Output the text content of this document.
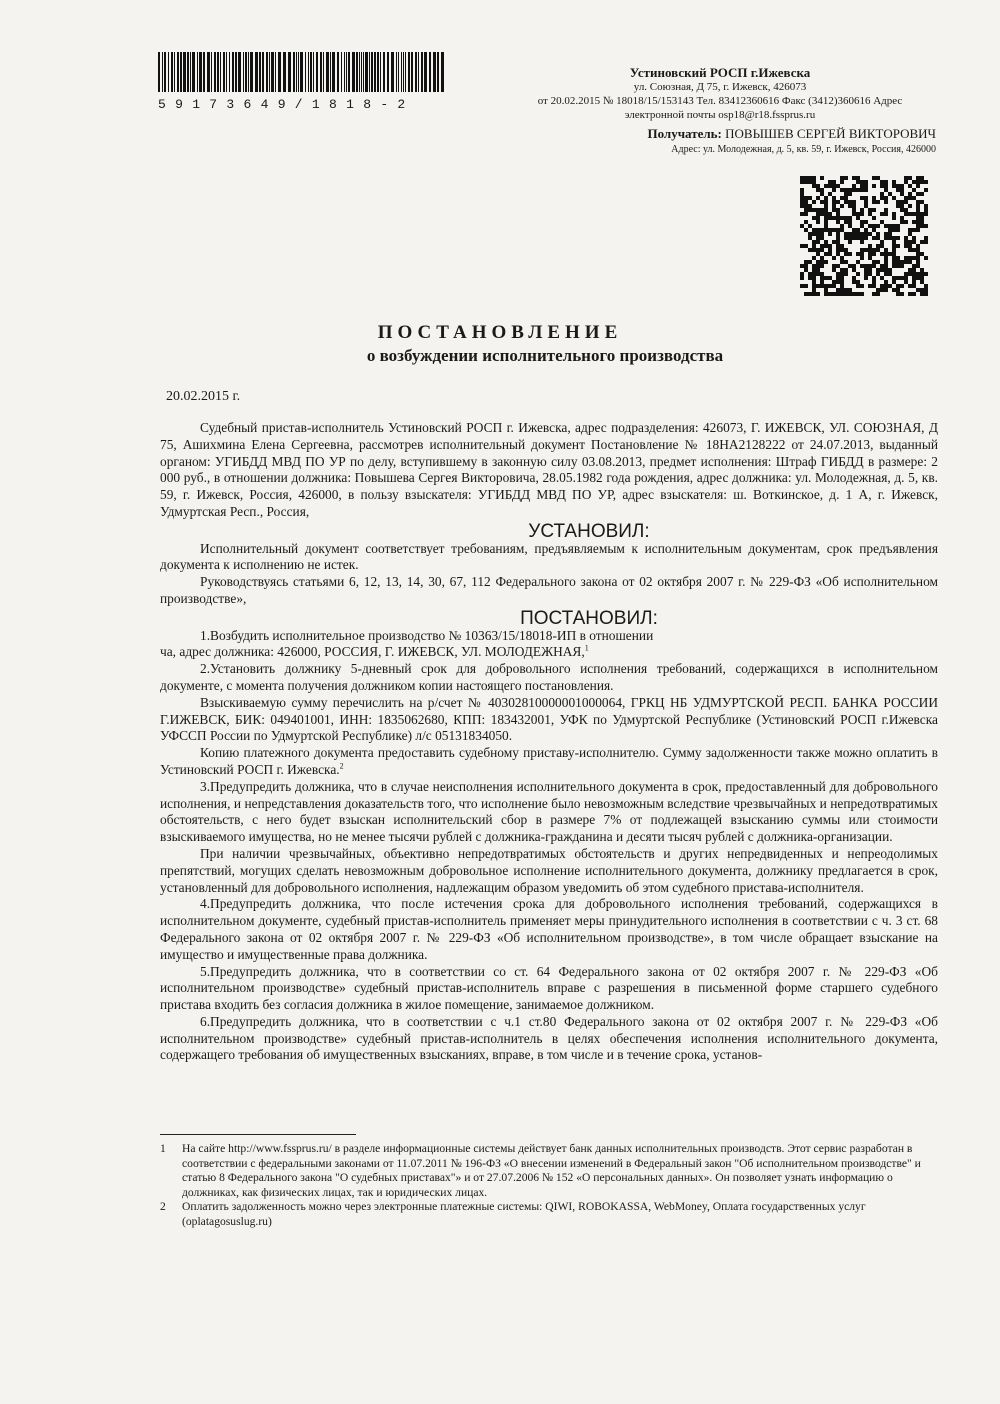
59173649/1818-2
Устиновский РОСП г.Ижевска
ул. Союзная, Д 75, г. Ижевск, 426073
от 20.02.2015 № 18018/15/153143 Тел. 83412360616 Факс (3412)360616 Адрес
электронной почты osp18@r18.fssprus.ru
Получатель: ПОВЫШЕВ СЕРГЕЙ ВИКТОРОВИЧ
Адрес: ул. Молодежная, д. 5, кв. 59, г. Ижевск, Россия, 426000
ПОСТАНОВЛЕНИЕ
о возбуждении исполнительного производства
20.02.2015 г.

Судебный пристав-исполнитель Устиновский РОСП г. Ижевска, адрес подразделения: 426073, Г. ИЖЕВСК, УЛ. СОЮЗНАЯ, Д 75, Ашихмина Елена Сергеевна, рассмотрев исполнительный документ Постановление № 18НА2128222 от 24.07.2013, выданный органом: УГИБДД МВД ПО УР по делу, вступившему в законную силу 03.08.2013, предмет исполнения: Штраф ГИБДД в размере: 2 000 руб., в отношении должника: Повышева Сергея Викторовича, 28.05.1982 года рождения, адрес должника: ул. Молодежная, д. 5, кв. 59, г. Ижевск, Россия, 426000, в пользу взыскателя: УГИБДД МВД ПО УР, адрес взыскателя: ш. Воткинское, д. 1 А, г. Ижевск, Удмуртская Респ., Россия,

УСТАНОВИЛ:

Исполнительный документ соответствует требованиям, предъявляемым к исполнительным документам, срок предъявления документа к исполнению не истек.

Руководствуясь статьями 6, 12, 13, 14, 30, 67, 112 Федерального закона от 02 октября 2007 г. № 229-ФЗ «Об исполнительном производстве»,

ПОСТАНОВИЛ:

1.Возбудить исполнительное производство № 10363/15/18018-ИП в отношении

ча, адрес должника: 426000, РОССИЯ, Г. ИЖЕВСК, УЛ. МОЛОДЕЖНАЯ,$^1$

2.Установить должнику 5-дневный срок для добровольного исполнения требований, содержащихся в исполнительном документе, с момента получения должником копии настоящего постановления.

Взыскиваемую сумму перечислить на р/счет № 40302810000001000064, ГРКЦ НБ УДМУРТСКОЙ РЕСП. БАНКА РОССИИ Г.ИЖЕВСК, БИК: 049401001, ИНН: 1835062680, КПП: 183432001, УФК по Удмуртской Республике (Устиновский РОСП г.Ижевска УФССП России по Удмуртской Республике) л/с 05131834050.

Копию платежного документа предоставить судебному приставу-исполнителю. Сумму задолженности также можно оплатить в Устиновский РОСП г. Ижевска.$^2$

3.Предупредить должника, что в случае неисполнения исполнительного документа в срок, предоставленный для добровольного исполнения, и непредставления доказательств того, что исполнение было невозможным вследствие чрезвычайных и непредотвратимых обстоятельств, с него будет взыскан исполнительский сбор в размере 7% от подлежащей взысканию суммы или стоимости взыскиваемого имущества, но не менее тысячи рублей с должника-гражданина и десяти тысяч рублей с должника-организации.

При наличии чрезвычайных, объективно непредотвратимых обстоятельств и других непредвиденных и непреодолимых препятствий, могущих сделать невозможным добровольное исполнение исполнительного документа, должнику предлагается в срок, установленный для добровольного исполнения, надлежащим образом уведомить об этом судебного пристава-исполнителя.

4.Предупредить должника, что после истечения срока для добровольного исполнения требований, содержащихся в исполнительном документе, судебный пристав-исполнитель применяет меры принудительного исполнения в соответствии с ч. 3 ст. 68 Федерального закона от 02 октября 2007 г. № 229-ФЗ «Об исполнительном производстве», в том числе обращает взыскание на имущество и имущественные права должника.

5.Предупредить должника, что в соответствии со ст. 64 Федерального закона от 02 октября 2007 г. № 229-ФЗ «Об исполнительном производстве» судебный пристав-исполнитель вправе с разрешения в письменной форме старшего судебного пристава входить без согласия должника в жилое помещение, занимаемое должником.

6.Предупредить должника, что в соответствии с ч.1 ст.80 Федерального закона от 02 октября 2007 г. № 229-ФЗ «Об исполнительном производстве» судебный пристав-исполнитель в целях обеспечения исполнения исполнительного документа, содержащего требования об имущественных взысканиях, вправе, в том числе и в течение срока, установ-

1	На сайте http://www.fssprus.ru/ в разделе информационные системы действует банк данных исполнительных производств. Этот сервис разработан в соответствии с федеральными законами от 11.07.2011 № 196-ФЗ «О внесении изменений в Федеральный закон "Об исполнительном производстве" и статью 8 Федерального закона "О судебных приставах"» и от 27.07.2006 № 152 «О персональных данных». Он позволяет узнать информацию о должниках, как физических лицах, так и юридических лицах.
2	Оплатить задолженность можно через электронные платежные системы: QIWI, ROBOKASSA, WebMoney, Оплата государственных услуг (oplatagosuslug.ru)
